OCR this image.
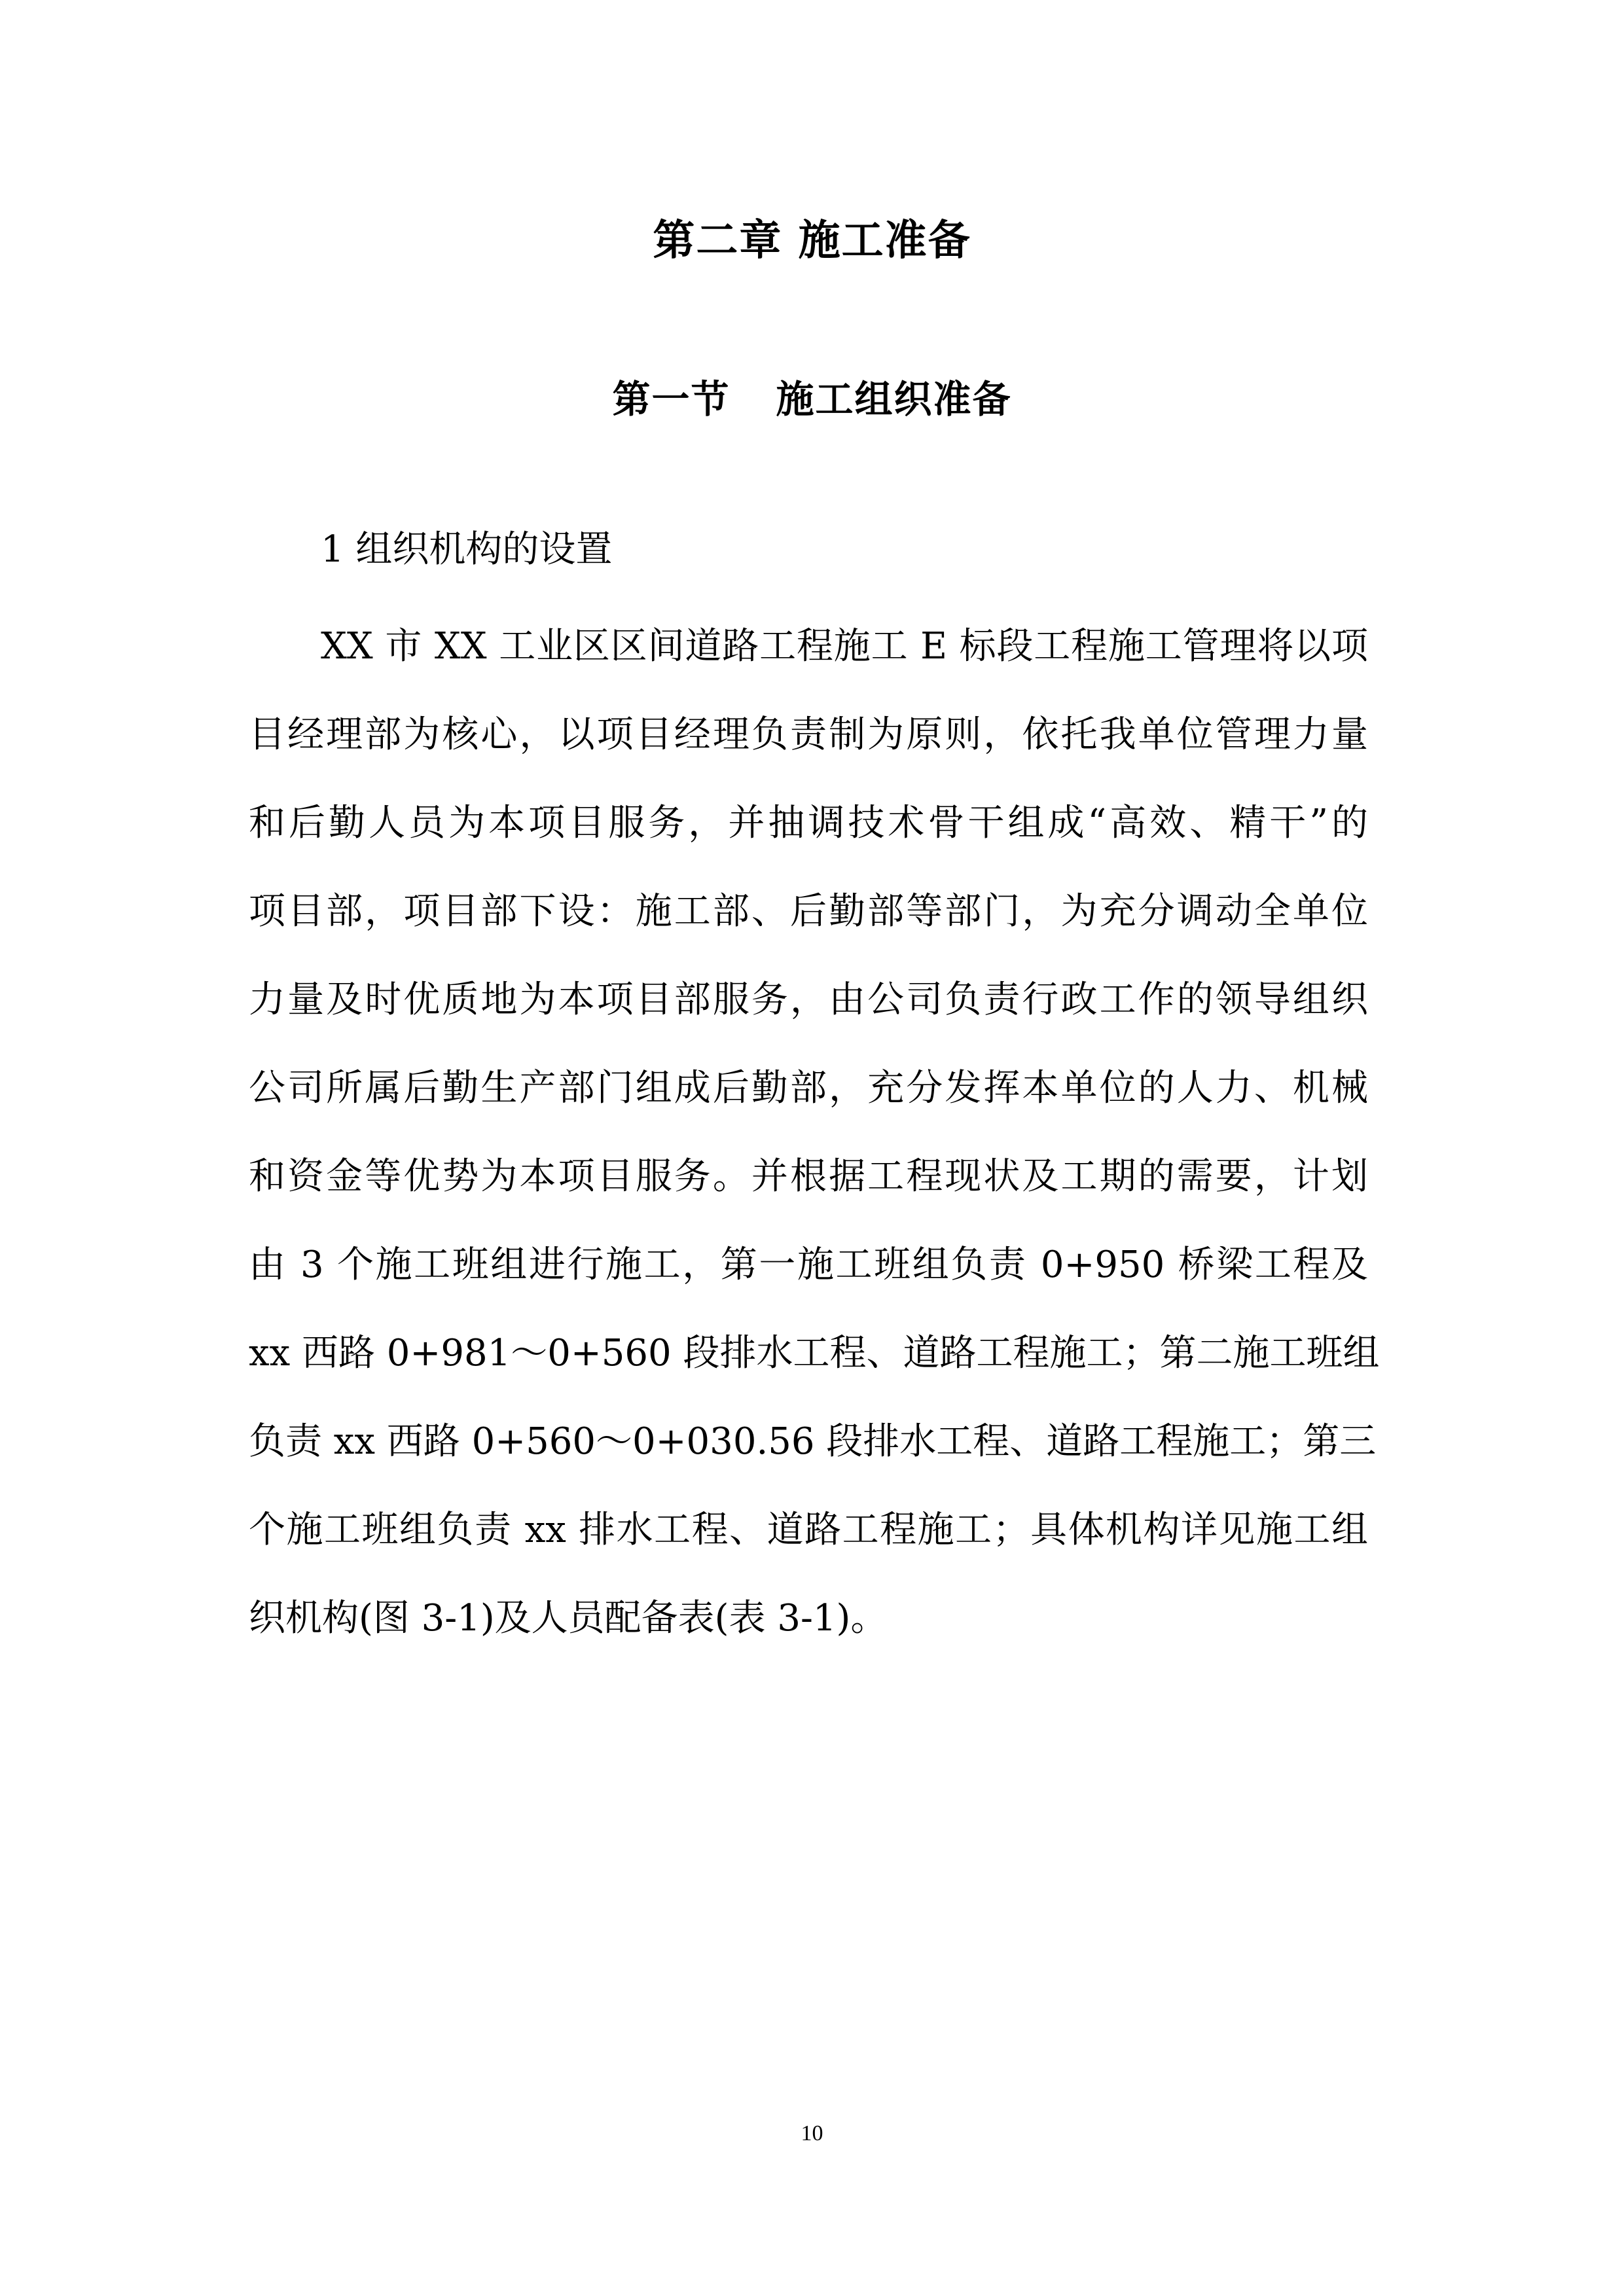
第二章 施工准备
第一节 施工组织准备

1 组织机构的设置

XX 市 XX 工业区区间道路工程施工 E 标段工程施工管理将以项
目经理部为核心，以项目经理负责制为原则，依托我单位管理力量
和后勤人员为本项目服务，并抽调技术骨干组成“高效、精干”的
项目部，项目部下设：施工部、后勤部等部门，为充分调动全单位
力量及时优质地为本项目部服务，由公司负责行政工作的领导组织
公司所属后勤生产部门组成后勤部，充分发挥本单位的人力、机械
和资金等优势为本项目服务。并根据工程现状及工期的需要，计划
由 3 个施工班组进行施工，第一施工班组负责 0+950 桥梁工程及
xx 西路 0+981～0+560 段排水工程、道路工程施工；第二施工班组
负责 xx 西路 0+560～0+030.56 段排水工程、道路工程施工；第三
个施工班组负责 xx 排水工程、道路工程施工；具体机构详见施工组
织机构(图 3-1)及人员配备表(表 3-1)。

10
